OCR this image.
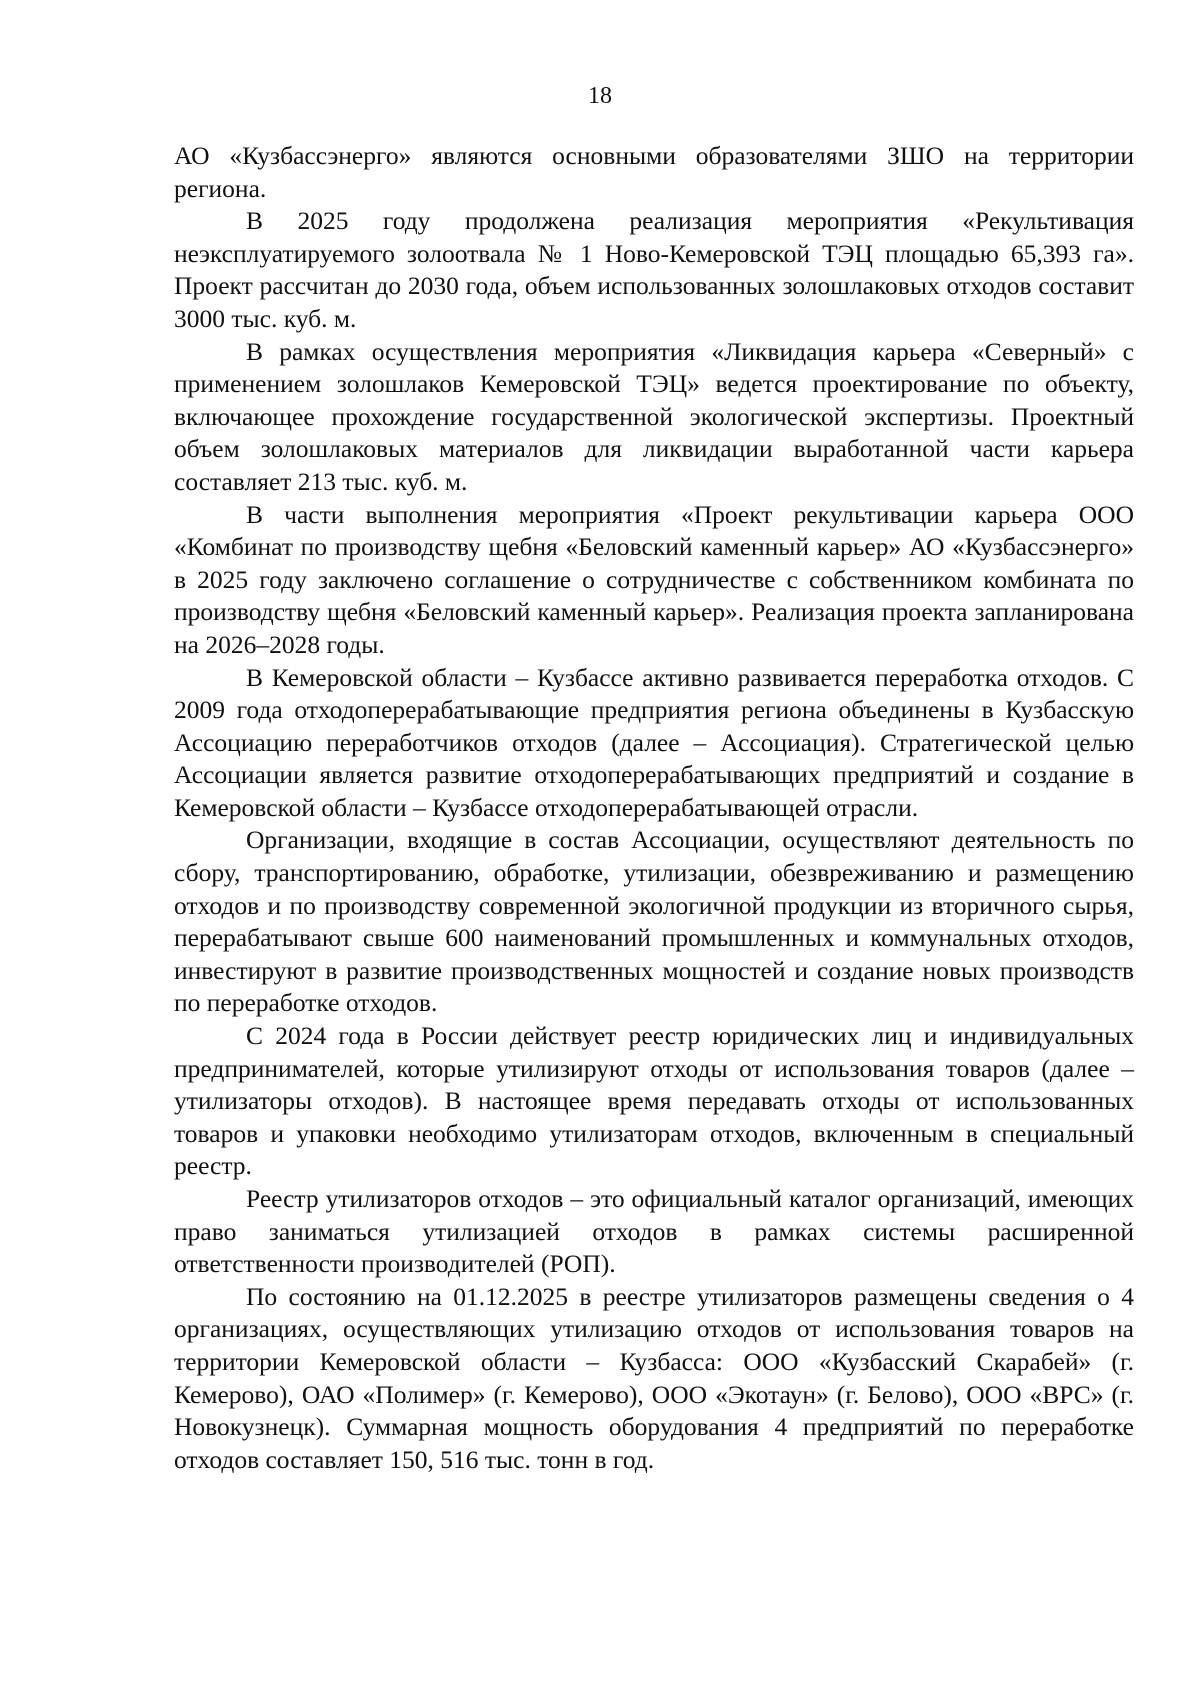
18

АО «Кузбассэнерго» являются основными образователями ЗШО на территории региона.

В 2025 году продолжена реализация мероприятия «Рекультивация неэксплуатируемого золоотвала № 1 Ново-Кемеровской ТЭЦ площадью 65,393 га». Проект рассчитан до 2030 года, объем использованных золошлаковых отходов составит 3000 тыс. куб. м.

В рамках осуществления мероприятия «Ликвидация карьера «Северный» с применением золошлаков Кемеровской ТЭЦ» ведется проектирование по объекту, включающее прохождение государственной экологической экспертизы. Проектный объем золошлаковых материалов для ликвидации выработанной части карьера составляет 213 тыс. куб. м.

В части выполнения мероприятия «Проект рекультивации карьера ООО «Комбинат по производству щебня «Беловский каменный карьер» АО «Кузбассэнерго» в 2025 году заключено соглашение о сотрудничестве с собственником комбината по производству щебня «Беловский каменный карьер». Реализация проекта запланирована на 2026–2028 годы.

В Кемеровской области – Кузбассе активно развивается переработка отходов. С 2009 года отходоперерабатывающие предприятия региона объединены в Кузбасскую Ассоциацию переработчиков отходов (далее – Ассоциация). Стратегической целью Ассоциации является развитие отходоперерабатывающих предприятий и создание в Кемеровской области – Кузбассе отходоперерабатывающей отрасли.

Организации, входящие в состав Ассоциации, осуществляют деятельность по сбору, транспортированию, обработке, утилизации, обезвреживанию и размещению отходов и по производству современной экологичной продукции из вторичного сырья, перерабатывают свыше 600 наименований промышленных и коммунальных отходов, инвестируют в развитие производственных мощностей и создание новых производств по переработке отходов.

С 2024 года в России действует реестр юридических лиц и индивидуальных предпринимателей, которые утилизируют отходы от использования товаров (далее – утилизаторы отходов). В настоящее время передавать отходы от использованных товаров и упаковки необходимо утилизаторам отходов, включенным в специальный реестр.

Реестр утилизаторов отходов – это официальный каталог организаций, имеющих право заниматься утилизацией отходов в рамках системы расширенной ответственности производителей (РОП).

По состоянию на 01.12.2025 в реестре утилизаторов размещены сведения о 4 организациях, осуществляющих утилизацию отходов от использования товаров на территории Кемеровской области – Кузбасса: ООО «Кузбасский Скарабей» (г. Кемерово), ОАО «Полимер» (г. Кемерово), ООО «Экотаун» (г. Белово), ООО «ВРС» (г. Новокузнецк). Суммарная мощность оборудования 4 предприятий по переработке отходов составляет 150, 516 тыс. тонн в год.
